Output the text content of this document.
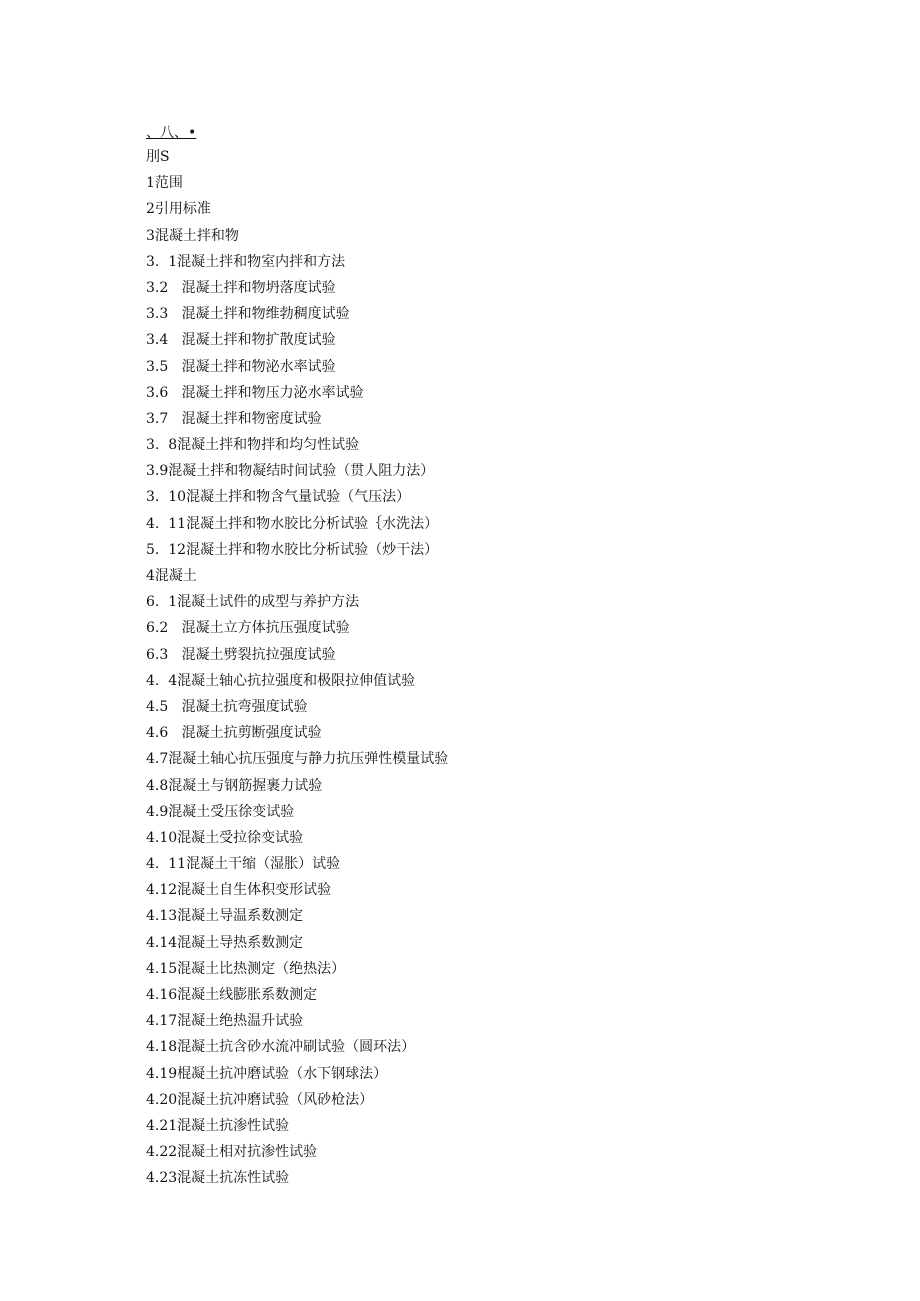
、八、•
刖S
1范围
2引用标准
3混凝土拌和物
3.  1混凝土拌和物室内拌和方法
3.2   混凝土拌和物坍落度试验
3.3   混凝土拌和物维勃稠度试验
3.4   混凝土拌和物扩散度试验
3.5   混凝土拌和物泌水率试验
3.6   混凝土拌和物压力泌水率试验
3.7   混凝土拌和物密度试验
3.  8混凝土拌和物拌和均匀性试验
3.9混凝土拌和物凝结时间试验（贯人阻力法）
3.  10混凝土拌和物含气量试验（气压法）
4.  11混凝土拌和物水胶比分析试验｛水洗法）
5.  12混凝土拌和物水胶比分析试验（炒干法）
4混凝土
6.  1混凝土试件的成型与养护方法
6.2   混凝土立方体抗压强度试验
6.3   混凝土劈裂抗拉强度试验
4.  4混凝土轴心抗拉强度和极限拉伸值试验
4.5   混凝土抗弯强度试验
4.6   混凝土抗剪断强度试验
4.7混凝土轴心抗压强度与静力抗压弹性模量试验
4.8混凝土与钢筋握裹力试验
4.9混凝土受压徐变试验
4.10混凝土受拉徐变试验
4.  11混凝土干缩（湿胀）试验
4.12混凝土自生体积变形试验
4.13混凝土导温系数测定
4.14混凝土导热系数测定
4.15混凝土比热测定（绝热法）
4.16混凝土线膨胀系数测定
4.17混凝土绝热温升试验
4.18混凝土抗含砂水流冲刷试验（圆环法）
4.19棍凝土抗冲磨试验（水下钢球法）
4.20混凝土抗冲磨试验（风砂枪法）
4.21混凝土抗渗性试验
4.22混凝土相对抗渗性试验
4.23混凝土抗冻性试验
